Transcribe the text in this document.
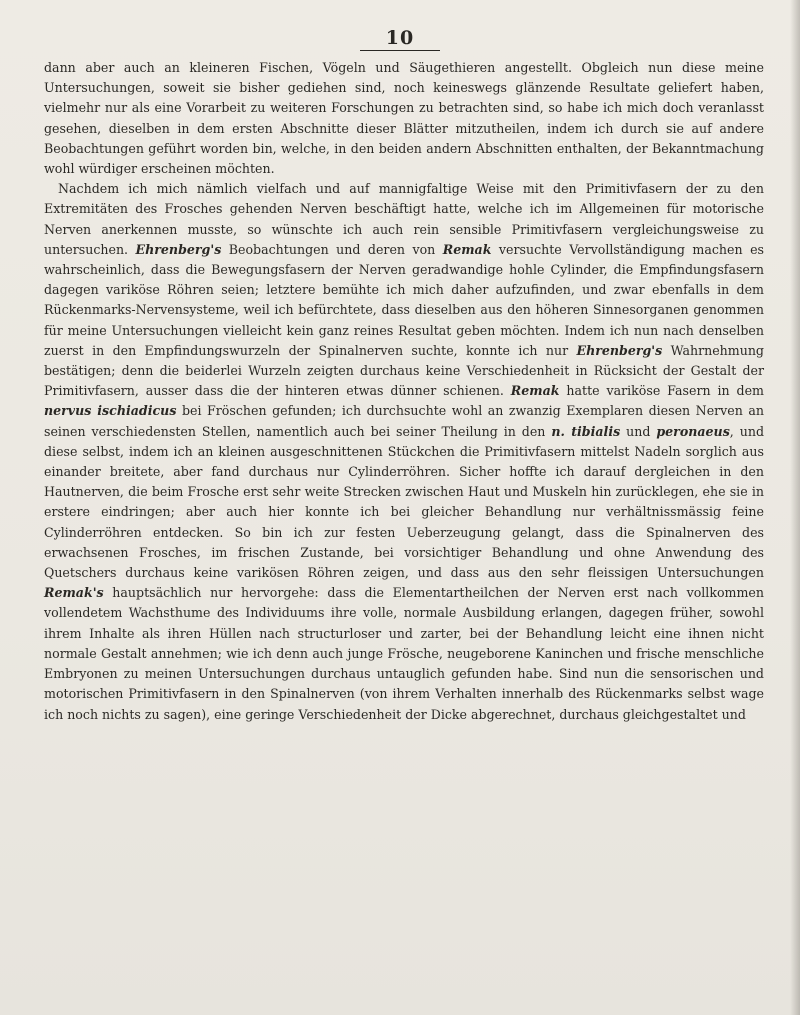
10

dann aber auch an kleineren Fischen, Vögeln und Säugethieren angestellt. Obgleich nun diese meine Untersuchungen, soweit sie bisher gediehen sind, noch keineswegs glänzende Resultate geliefert haben, vielmehr nur als eine Vorarbeit zu weiteren Forschungen zu betrachten sind, so habe ich mich doch veranlasst gesehen, dieselben in dem ersten Abschnitte dieser Blätter mitzutheilen, indem ich durch sie auf andere Beobachtungen geführt worden bin, welche, in den beiden andern Abschnitten enthalten, der Bekanntmachung wohl würdiger erscheinen möchten.

Nachdem ich mich nämlich vielfach und auf mannigfaltige Weise mit den Primitivfasern der zu den Extremitäten des Frosches gehenden Nerven beschäftigt hatte, welche ich im Allgemeinen für motorische Nerven anerkennen musste, so wünschte ich auch rein sensible Primitivfasern vergleichungsweise zu untersuchen. Ehrenberg's Beobachtungen und deren von Remak versuchte Vervollständigung machen es wahrscheinlich, dass die Bewegungsfasern der Nerven geradwandige hohle Cylinder, die Empfindungsfasern dagegen variköse Röhren seien; letztere bemühte ich mich daher aufzufinden, und zwar ebenfalls in dem Rückenmarks-Nervensysteme, weil ich befürchtete, dass dieselben aus den höheren Sinnesorganen genommen für meine Untersuchungen vielleicht kein ganz reines Resultat geben möchten. Indem ich nun nach denselben zuerst in den Empfindungswurzeln der Spinalnerven suchte, konnte ich nur Ehrenberg's Wahrnehmung bestätigen; denn die beiderlei Wurzeln zeigten durchaus keine Verschiedenheit in Rücksicht der Gestalt der Primitivfasern, ausser dass die der hinteren etwas dünner schienen. Remak hatte variköse Fasern in dem nervus ischiadicus bei Fröschen gefunden; ich durchsuchte wohl an zwanzig Exemplaren diesen Nerven an seinen verschiedensten Stellen, namentlich auch bei seiner Theilung in den n. tibialis und peronaeus, und diese selbst, indem ich an kleinen ausgeschnittenen Stückchen die Primitivfasern mittelst Nadeln sorglich aus einander breitete, aber fand durchaus nur Cylinderröhren. Sicher hoffte ich darauf dergleichen in den Hautnerven, die beim Frosche erst sehr weite Strecken zwischen Haut und Muskeln hin zurücklegen, ehe sie in erstere eindringen; aber auch hier konnte ich bei gleicher Behandlung nur verhältnissmässig feine Cylinderröhren entdecken. So bin ich zur festen Ueberzeugung gelangt, dass die Spinalnerven des erwachsenen Frosches, im frischen Zustande, bei vorsichtiger Behandlung und ohne Anwendung des Quetschers durchaus keine varikösen Röhren zeigen, und dass aus den sehr fleissigen Untersuchungen Remak's hauptsächlich nur hervorgehe: dass die Elementartheilchen der Nerven erst nach vollkommen vollendetem Wachsthume des Individuums ihre volle, normale Ausbildung erlangen, dagegen früher, sowohl ihrem Inhalte als ihren Hüllen nach structurloser und zarter, bei der Behandlung leicht eine ihnen nicht normale Gestalt annehmen; wie ich denn auch junge Frösche, neugeborene Kaninchen und frische menschliche Embryonen zu meinen Untersuchungen durchaus untauglich gefunden habe. Sind nun die sensorischen und motorischen Primitivfasern in den Spinalnerven (von ihrem Verhalten innerhalb des Rückenmarks selbst wage ich noch nichts zu sagen), eine geringe Verschiedenheit der Dicke abgerechnet, durchaus gleichgestaltet und
